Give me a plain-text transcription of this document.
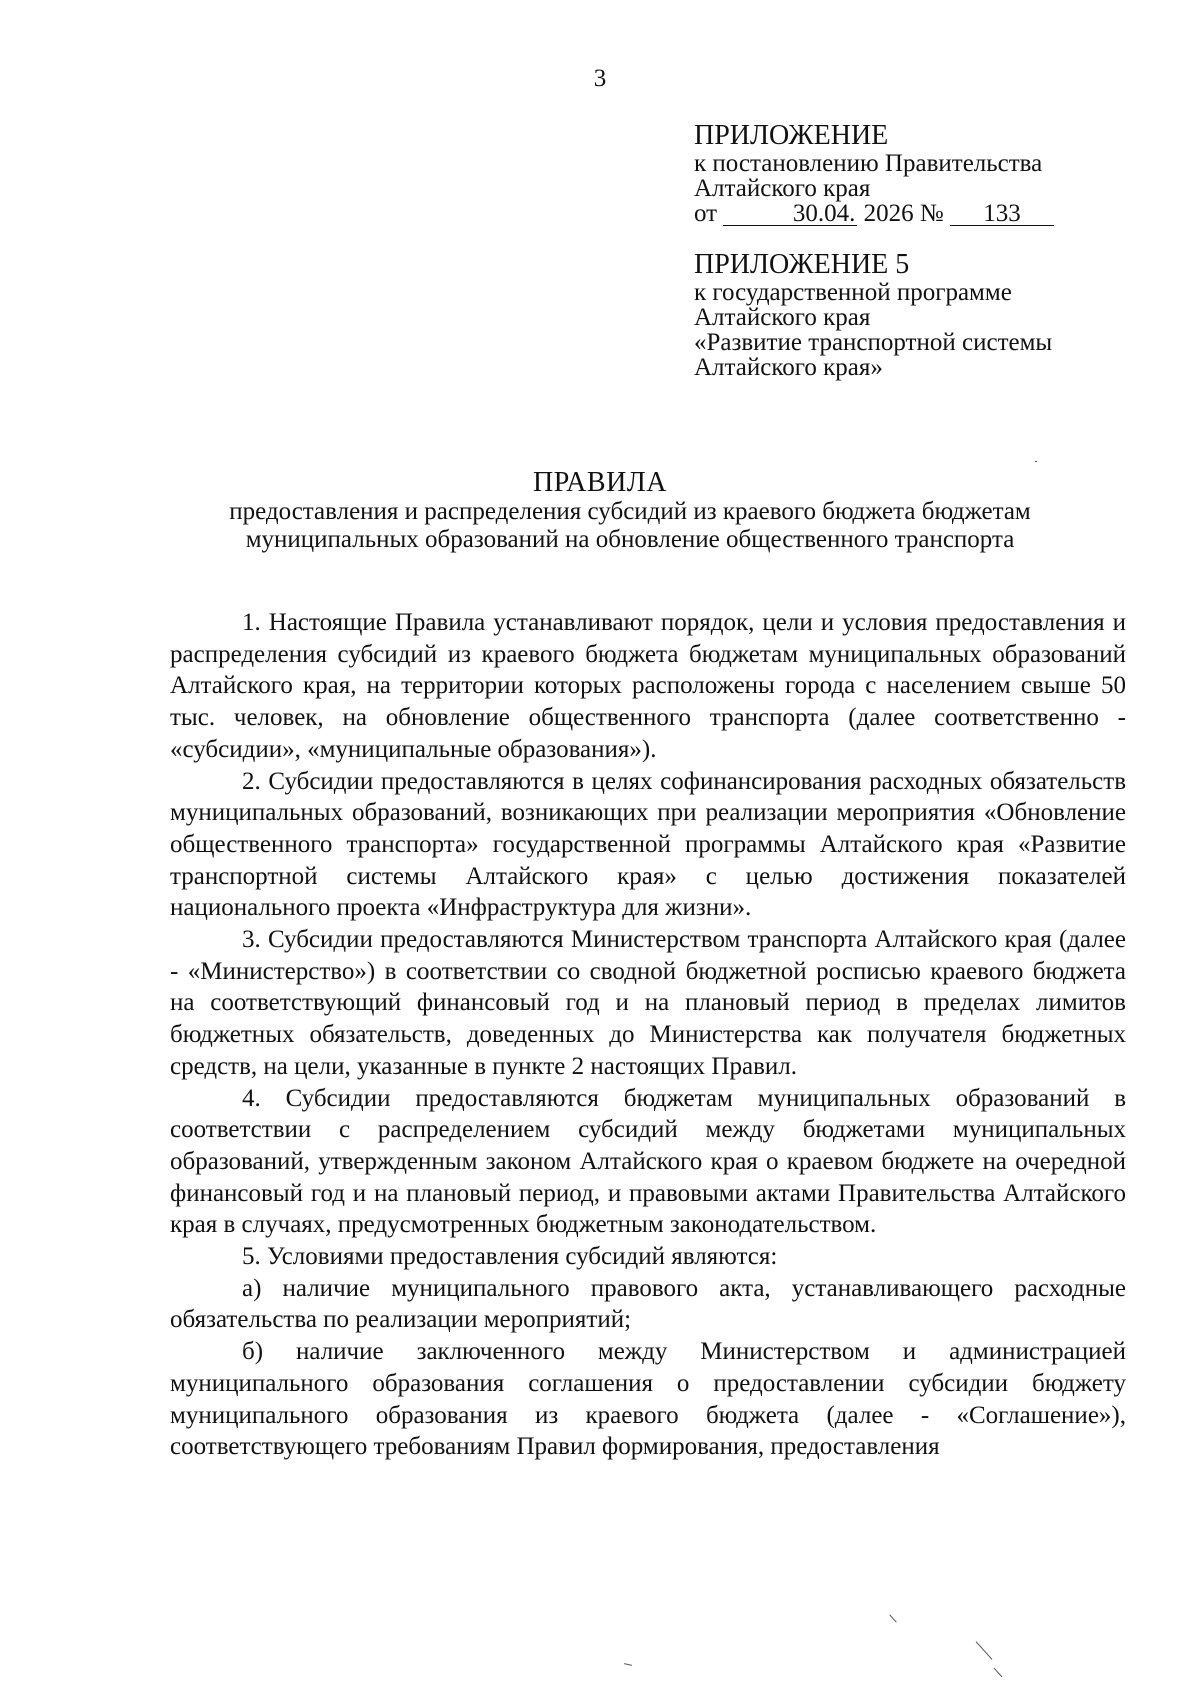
3
ПРИЛОЖЕНИЕ
к постановлению Правительства
Алтайского края
от	30.04. 2026 № 133
ПРИЛОЖЕНИЕ 5
к государственной программе
Алтайского края
«Развитие транспортной системы
Алтайского края»
ПРАВИЛА
предоставления и распределения субсидий из краевого бюджета бюджетам муниципальных образований на обновление общественного транспорта

1. Настоящие Правила устанавливают порядок, цели и условия предоставления и распределения субсидий из краевого бюджета бюджетам муниципальных образований Алтайского края, на территории которых расположены города с населением свыше 50 тыс. человек, на обновление общественного транспорта (далее соответственно - «субсидии», «муниципальные образования»).

2. Субсидии предоставляются в целях софинансирования расходных обязательств муниципальных образований, возникающих при реализации мероприятия «Обновление общественного транспорта» государственной программы Алтайского края «Развитие транспортной системы Алтайского края» с целью достижения показателей национального проекта «Инфраструктура для жизни».

3. Субсидии предоставляются Министерством транспорта Алтайского края (далее - «Министерство») в соответствии со сводной бюджетной росписью краевого бюджета на соответствующий финансовый год и на плановый период в пределах лимитов бюджетных обязательств, доведенных до Министерства как получателя бюджетных средств, на цели, указанные в пункте 2 настоящих Правил.

4. Субсидии предоставляются бюджетам муниципальных образований в соответствии с распределением субсидий между бюджетами муниципальных образований, утвержденным законом Алтайского края о краевом бюджете на очередной финансовый год и на плановый период, и правовыми актами Правительства Алтайского края в случаях, предусмотренных бюджетным законодательством.

5. Условиями предоставления субсидий являются:

а) наличие муниципального правового акта, устанавливающего расходные обязательства по реализации мероприятий;

б) наличие заключенного между Министерством и администрацией муниципального образования соглашения о предоставлении субсидии бюджету муниципального образования из краевого бюджета (далее - «Соглашение»), соответствующего требованиям Правил формирования, предоставления
